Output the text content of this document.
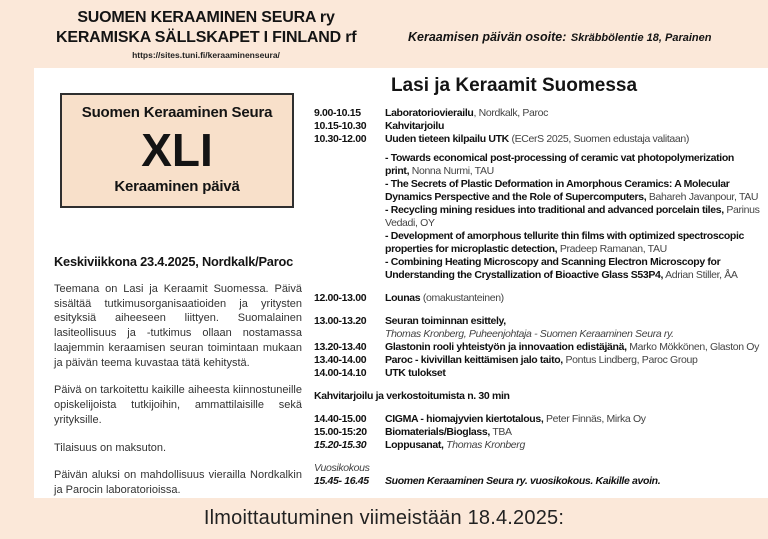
SUOMEN KERAAMINEN SEURA ry
KERAMISKA SÄLLSKAPET I FINLAND rf
https://sites.tuni.fi/keraaminenseura/
Keraamisen päivän osoite: Skräbbölentie 18, Parainen
Suomen Keraaminen Seura
XLI
Keraaminen päivä
Keskiviikkona 23.4.2025, Nordkalk/Paroc

Teemana on Lasi ja Keraamit Suomessa. Päivä sisältää tutkimusorganisaatioiden ja yritysten esityksiä aiheeseen liittyen. Suomalainen lasiteollisuus ja -tutkimus ollaan nostamassa laajemmin keraamisen seuran toimintaan mukaan ja päivän teema kuvastaa tätä kehitystä.

Päivä on tarkoitettu kaikille aiheesta kiinnostuneille opiskelijoista tutkijoihin, ammattilaisille sekä yrityksille.

Tilaisuus on maksuton.

Päivän aluksi on mahdollisuus vierailla Nordkalkin ja Parocin laboratorioissa.

Lasi ja Keraamit Suomessa
9.00-10.15	Laboratoriovierailu, Nordkalk, Paroc
10.15-10.30	Kahvitarjoilu
10.30-12.00	Uuden tieteen kilpailu UTK (ECerS 2025, Suomen edustaja valitaan)
- Towards economical post-processing of ceramic vat photopolymerization print, Nonna Nurmi, TAU
- The Secrets of Plastic Deformation in Amorphous Ceramics: A Molecular Dynamics Perspective and the Role of Supercomputers, Bahareh Javanpour, TAU
- Recycling mining residues into traditional and advanced porcelain tiles, Parinus Vedadi, OY
- Development of amorphous tellurite thin films with optimized spectroscopic properties for microplastic detection, Pradeep Ramanan, TAU
- Combining Heating Microscopy and Scanning Electron Microscopy for Understanding the Crystallization of Bioactive Glass S53P4, Adrian Stiller, ÅA
12.00-13.00	Lounas (omakustanteinen)
13.00-13.20	Seuran toiminnan esittely,
Thomas Kronberg, Puheenjohtaja - Suomen Keraaminen Seura ry.
13.20-13.40	Glastonin rooli yhteistyön ja innovaation edistäjänä, Marko Mökkönen, Glaston Oy
13.40-14.00	Paroc - kivivillan keittämisen jalo taito, Pontus Lindberg, Paroc Group
14.00-14.10	UTK tulokset
Kahvitarjoilu ja verkostoitumista n. 30 min
14.40-15.00	CIGMA - hiomajyvien kiertotalous, Peter Finnäs, Mirka Oy
15.00-15:20	Biomaterials/Bioglass, TBA
15.20-15.30	Loppusanat, Thomas Kronberg
Vuosikokous
15.45- 16.45	Suomen Keraaminen Seura ry. vuosikokous. Kaikille avoin.
Ilmoittautuminen viimeistään 18.4.2025:
